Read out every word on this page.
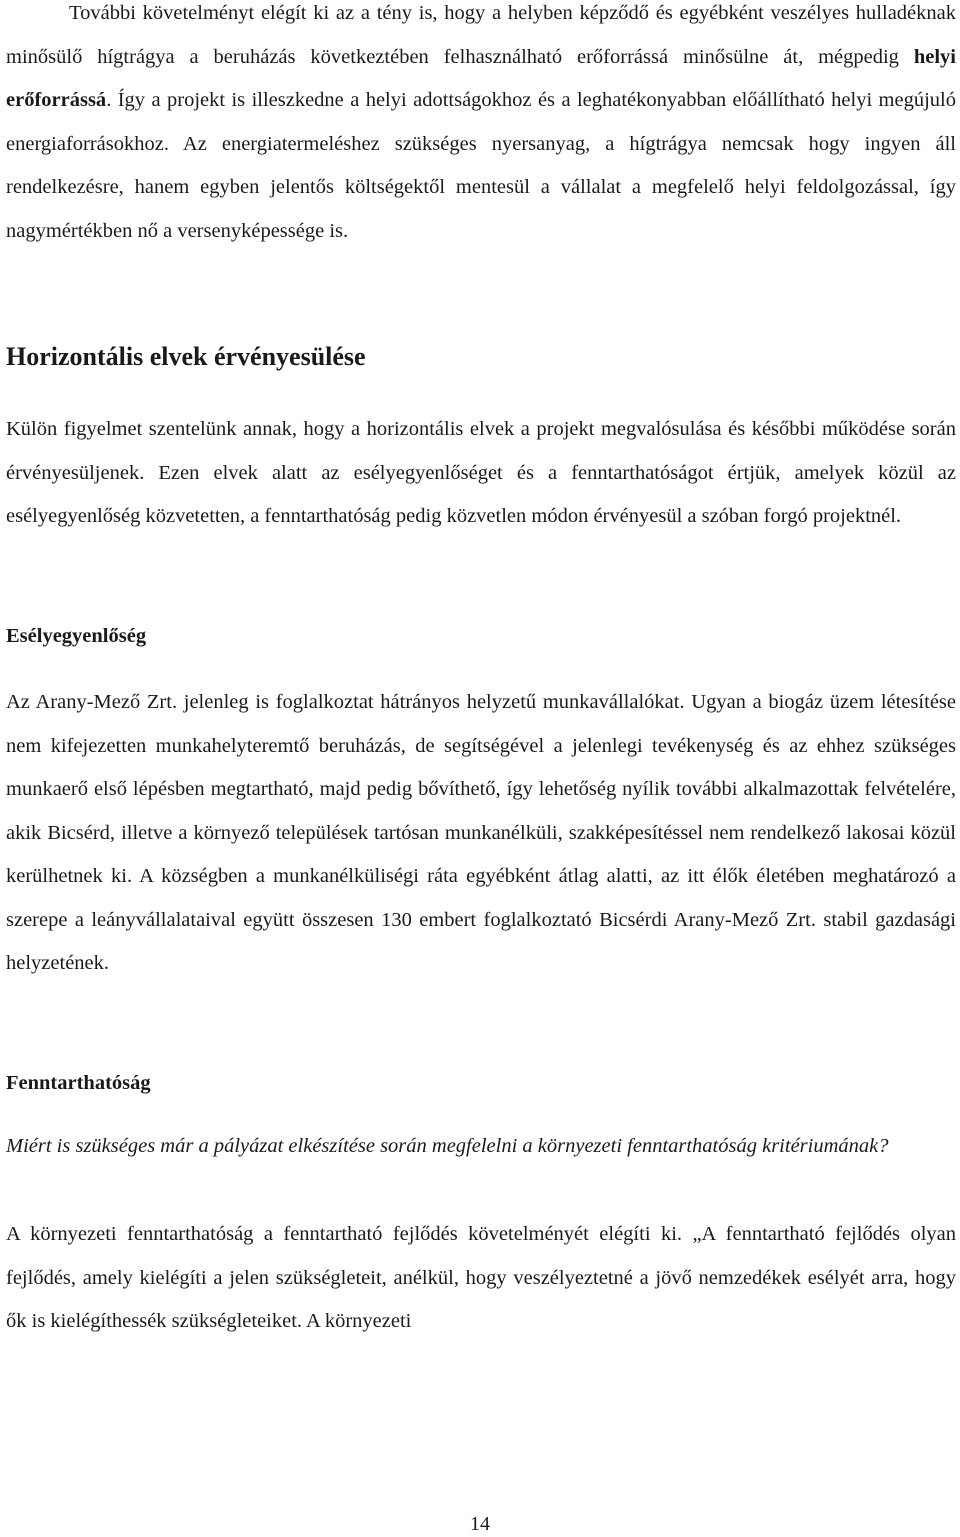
További követelményt elégít ki az a tény is, hogy a helyben képződő és egyébként veszélyes hulladéknak minősülő hígtrágya a beruházás következtében felhasználható erőforrássá minősülne át, mégpedig helyi erőforrássá. Így a projekt is illeszkedne a helyi adottságokhoz és a leghatékonyabban előállítható helyi megújuló energiaforrásokhoz. Az energiatermeléshez szükséges nyersanyag, a hígtrágya nemcsak hogy ingyen áll rendelkezésre, hanem egyben jelentős költségektől mentesül a vállalat a megfelelő helyi feldolgozással, így nagymértékben nő a versenyképessége is.

Horizontális elvek érvényesülése

Külön figyelmet szentelünk annak, hogy a horizontális elvek a projekt megvalósulása és későbbi működése során érvényesüljenek. Ezen elvek alatt az esélyegyenlőséget és a fenntarthatóságot értjük, amelyek közül az esélyegyenlőség közvetetten, a fenntarthatóság pedig közvetlen módon érvényesül a szóban forgó projektnél.

Esélyegyenlőség

Az Arany-Mező Zrt. jelenleg is foglalkoztat hátrányos helyzetű munkavállalókat. Ugyan a biogáz üzem létesítése nem kifejezetten munkahelyteremtő beruházás, de segítségével a jelenlegi tevékenység és az ehhez szükséges munkaerő első lépésben megtartható, majd pedig bővíthető, így lehetőség nyílik további alkalmazottak felvételére, akik Bicsérd, illetve a környező települések tartósan munkanélküli, szakképesítéssel nem rendelkező lakosai közül kerülhetnek ki. A községben a munkanélküliségi ráta egyébként átlag alatti, az itt élők életében meghatározó a szerepe a leányvállalataival együtt összesen 130 embert foglalkoztató Bicsérdi Arany-Mező Zrt. stabil gazdasági helyzetének.

Fenntarthatóság

Miért is szükséges már a pályázat elkészítése során megfelelni a környezeti fenntarthatóság kritériumának?

A környezeti fenntarthatóság a fenntartható fejlődés követelményét elégíti ki. „A fenntartható fejlődés olyan fejlődés, amely kielégíti a jelen szükségleteit, anélkül, hogy veszélyeztetné a jövő nemzedékek esélyét arra, hogy ők is kielégíthessék szükségleteiket. A környezeti

14
